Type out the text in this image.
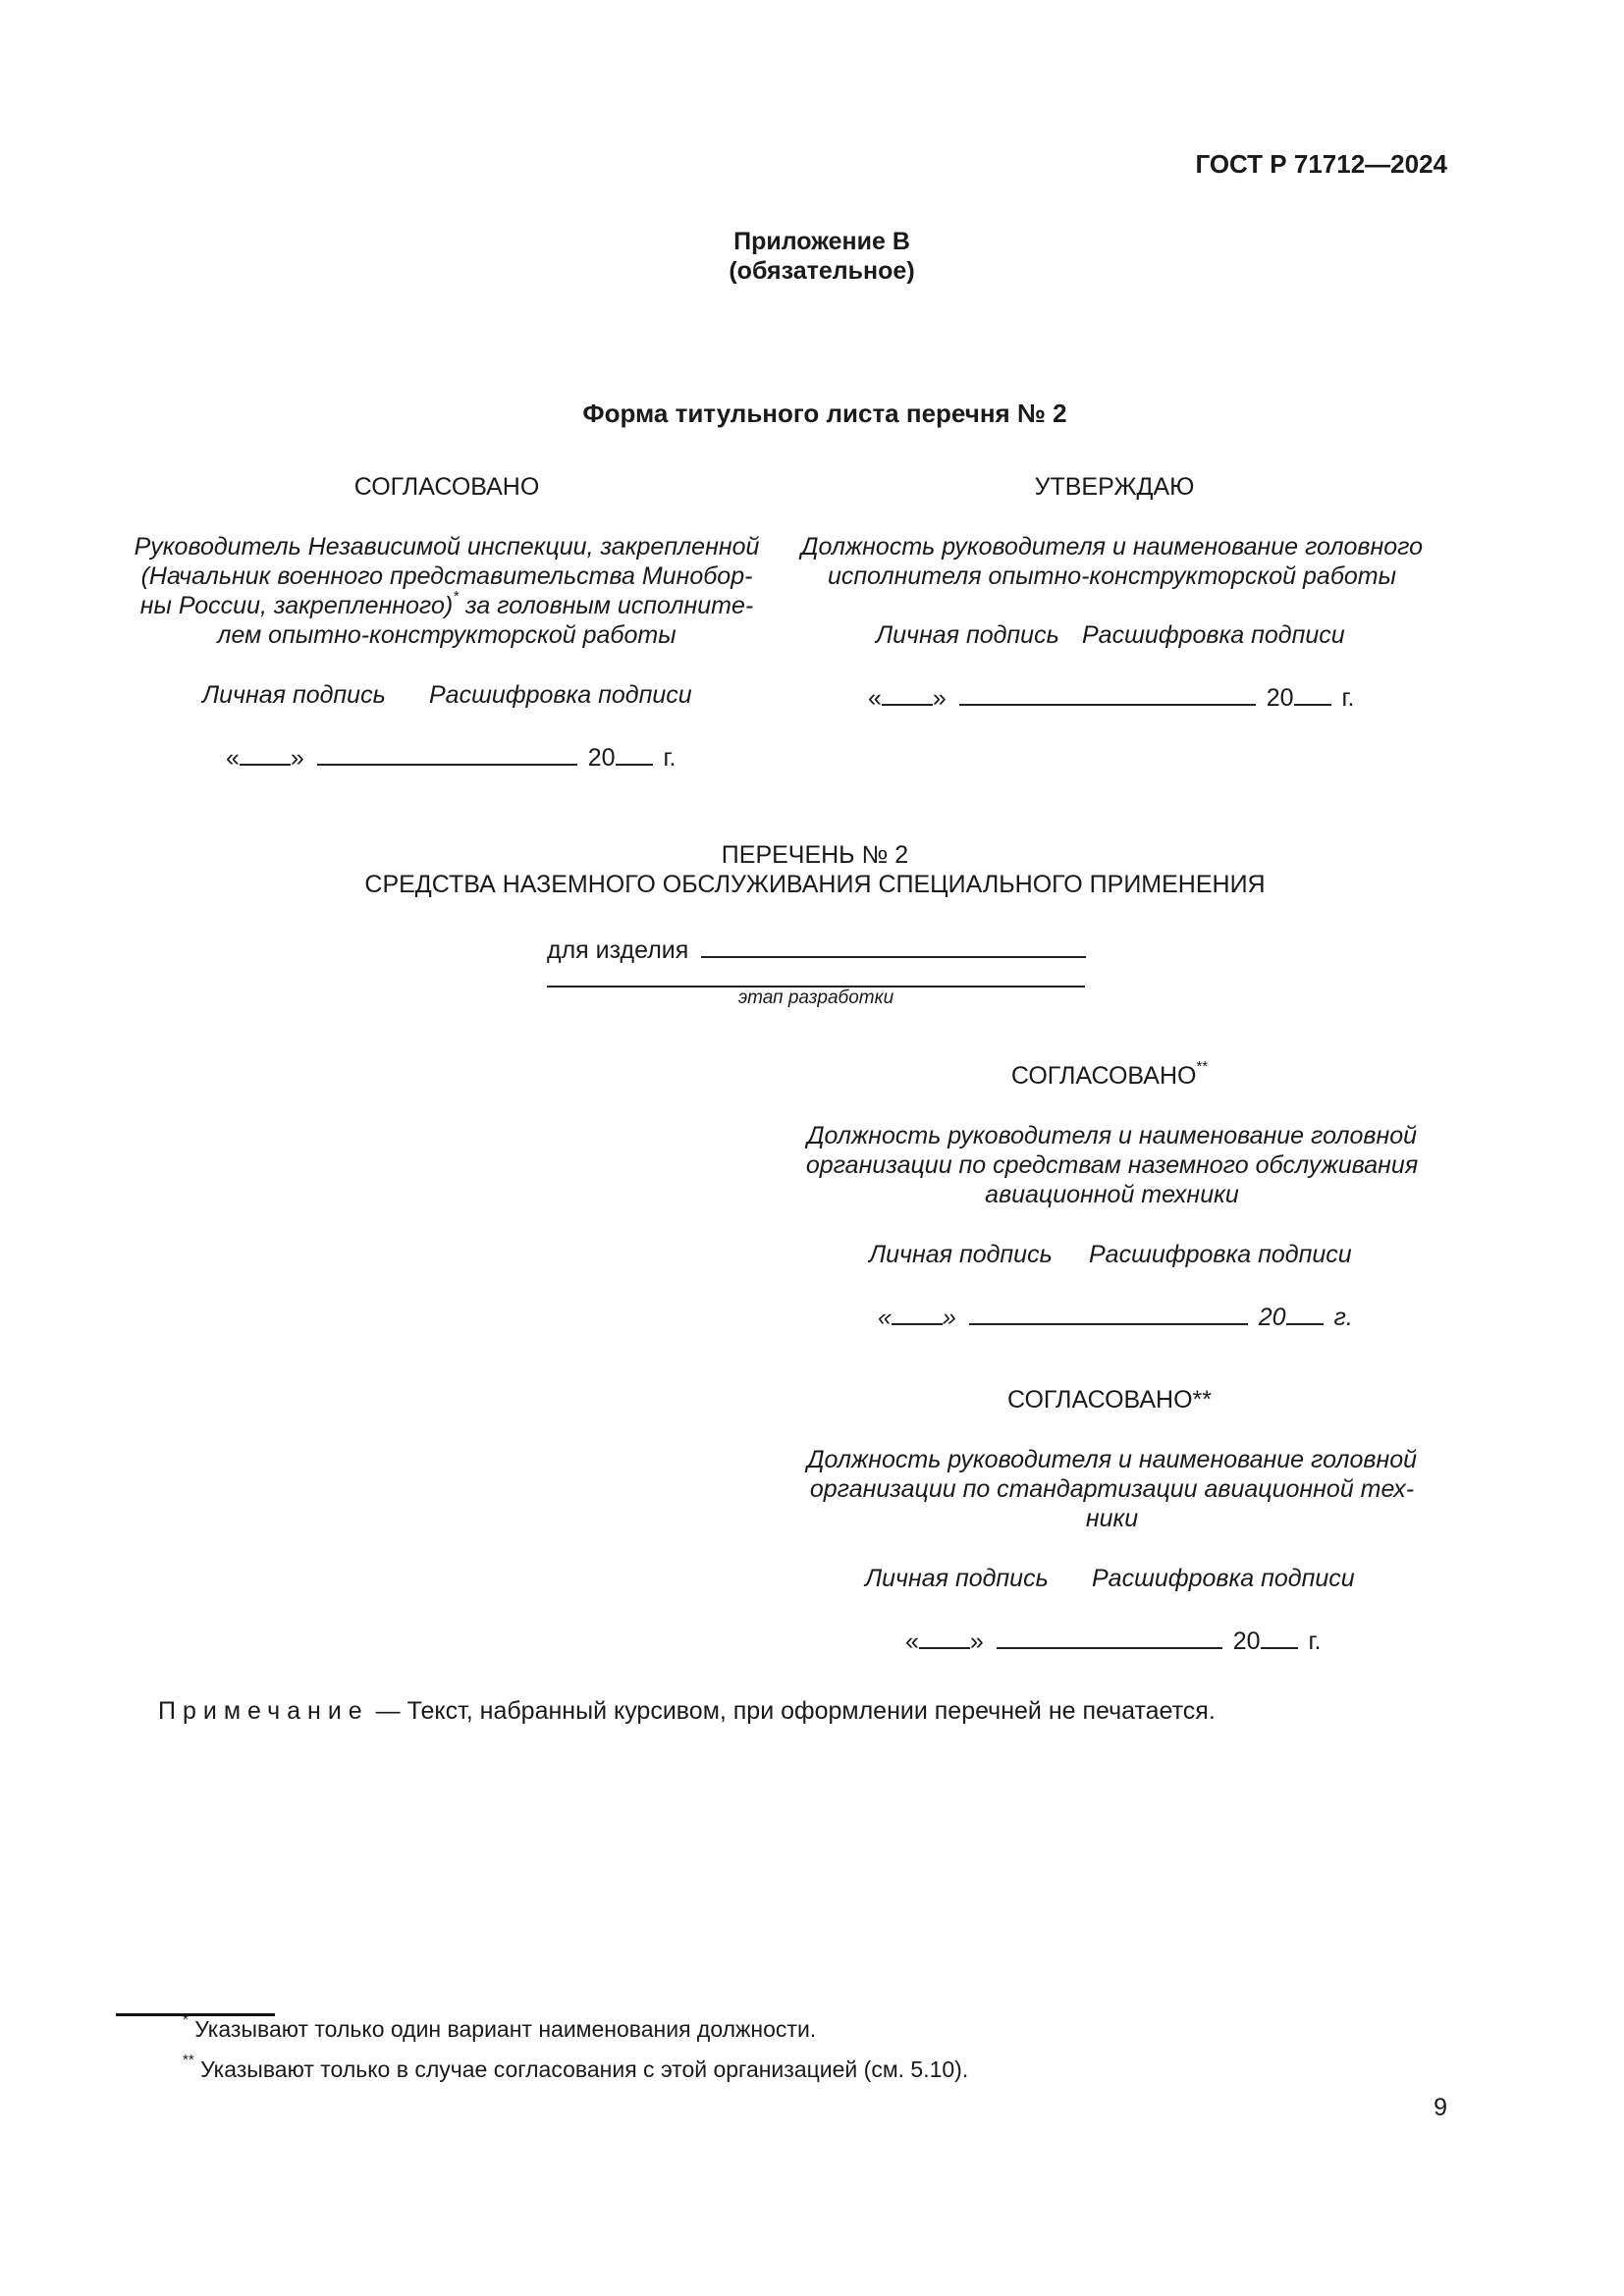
ГОСТ Р 71712—2024
Приложение В
(обязательное)
Форма титульного листа перечня № 2
СОГЛАСОВАНО
Руководитель Независимой инспекции, закрепленной
(Начальник военного представительства Минобор-
ны России, закрепленного)* за головным исполните-
лем опытно-конструкторской работы
Личная подпись Расшифровка подписи
« »	20 г.
УТВЕРЖДАЮ
Должность руководителя и наименование головного
исполнителя опытно-конструкторской работы
Личная подпись Расшифровка подписи
« »	20 г.
ПЕРЕЧЕНЬ № 2
СРЕДСТВА НАЗЕМНОГО ОБСЛУЖИВАНИЯ СПЕЦИАЛЬНОГО ПРИМЕНЕНИЯ
для изделия
этап разработки
СОГЛАСОВАНО**
Должность руководителя и наименование головной
организации по средствам наземного обслуживания
авиационной техники
Личная подпись Расшифровка подписи
« »	20 г.
СОГЛАСОВАНО**
Должность руководителя и наименование головной
организации по стандартизации авиационной тех-
ники
Личная подпись Расшифровка подписи
« »	20 г.
Примечание — Текст, набранный курсивом, при оформлении перечней не печатается.
* Указывают только один вариант наименования должности.
** Указывают только в случае согласования с этой организацией (см. 5.10).
9
